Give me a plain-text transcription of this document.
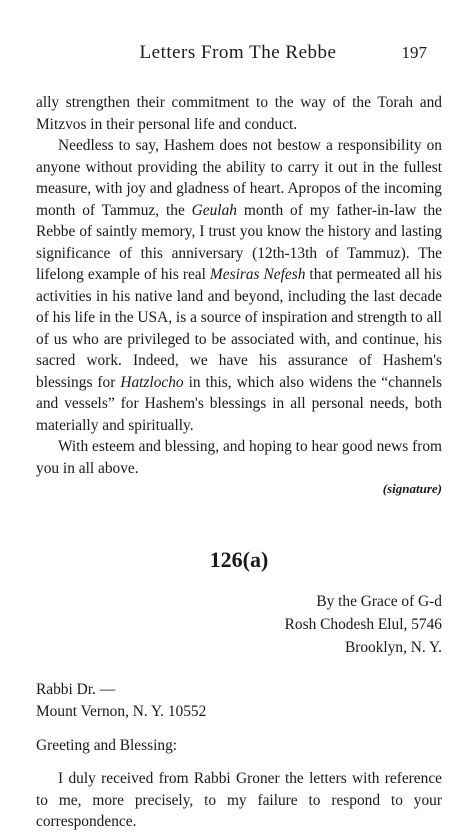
Letters From The Rebbe	197

ally strengthen their commitment to the way of the Torah and Mitzvos in their personal life and conduct.

Needless to say, Hashem does not bestow a responsibility on anyone without providing the ability to carry it out in the fullest measure, with joy and gladness of heart. Apropos of the incoming month of Tammuz, the Geulah month of my father-in-law the Rebbe of saintly memory, I trust you know the history and lasting significance of this anniversary (12th-13th of Tammuz). The lifelong example of his real Mesiras Nefesh that permeated all his activities in his native land and beyond, including the last decade of his life in the USA, is a source of inspiration and strength to all of us who are privileged to be associated with, and continue, his sacred work. Indeed, we have his assurance of Hashem's blessings for Hatzlocho in this, which also widens the “channels and vessels” for Hashem's blessings in all personal needs, both materially and spiritually.

With esteem and blessing, and hoping to hear good news from you in all above.

(signature)
126(a)
By the Grace of G-d
Rosh Chodesh Elul, 5746
Brooklyn, N. Y.
Rabbi Dr. —
Mount Vernon, N. Y. 10552
Greeting and Blessing:

I duly received from Rabbi Groner the letters with reference to me, more precisely, to my failure to respond to your correspondence.
